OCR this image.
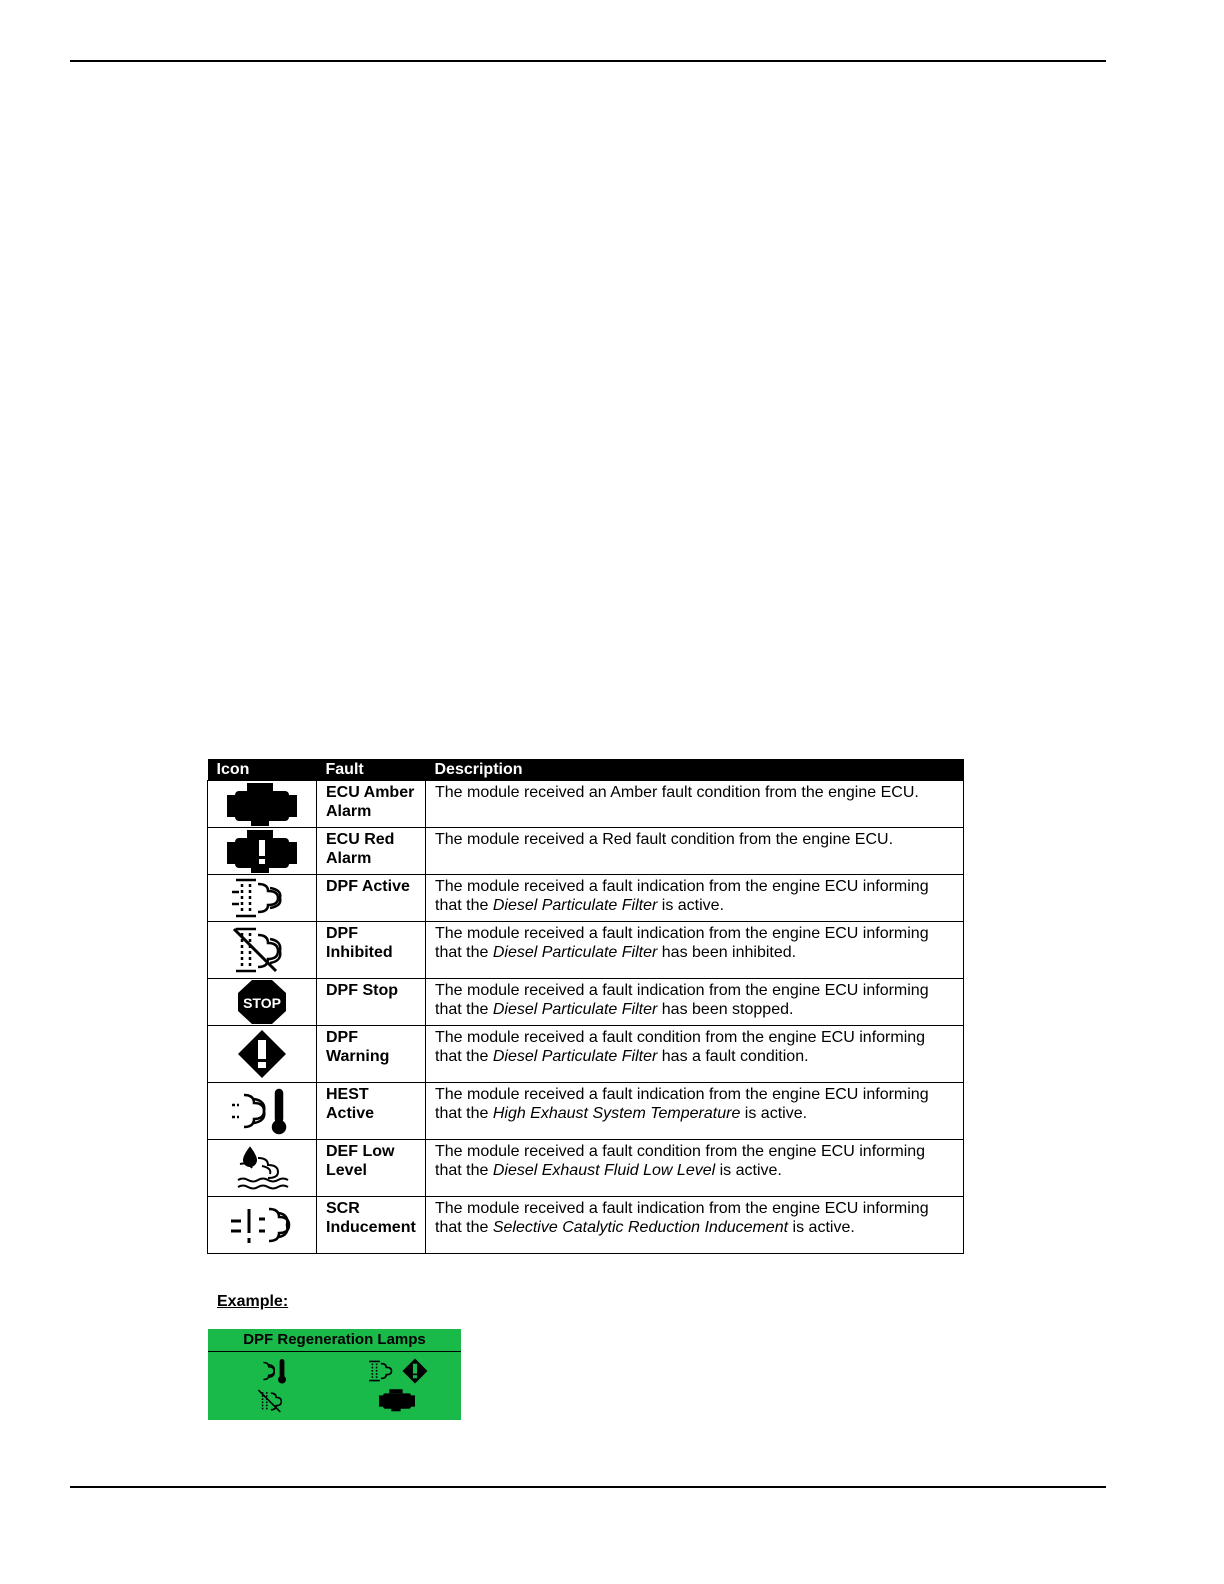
Icon	Fault	Description

	ECU Amber Alarm	The module received an Amber fault condition from the engine ECU.

	ECU Red Alarm	The module received a Red fault condition from the engine ECU.

	DPF Active	The module received a fault indication from the engine ECU informing that the Diesel Particulate Filter is active.

	DPF Inhibited	The module received a fault indication from the engine ECU informing that the Diesel Particulate Filter has been inhibited.

STOP	DPF Stop	The module received a fault indication from the engine ECU informing that the Diesel Particulate Filter has been stopped.

	DPF Warning	The module received a fault condition from the engine ECU informing that the Diesel Particulate Filter has a fault condition.

	HEST Active	The module received a fault indication from the engine ECU informing that the High Exhaust System Temperature is active.

	DEF Low Level	The module received a fault condition from the engine ECU informing that the Diesel Exhaust Fluid Low Level is active.

	SCR Inducement	The module received a fault indication from the engine ECU informing that the Selective Catalytic Reduction Inducement is active.
Example:
DPF Regeneration Lamps
